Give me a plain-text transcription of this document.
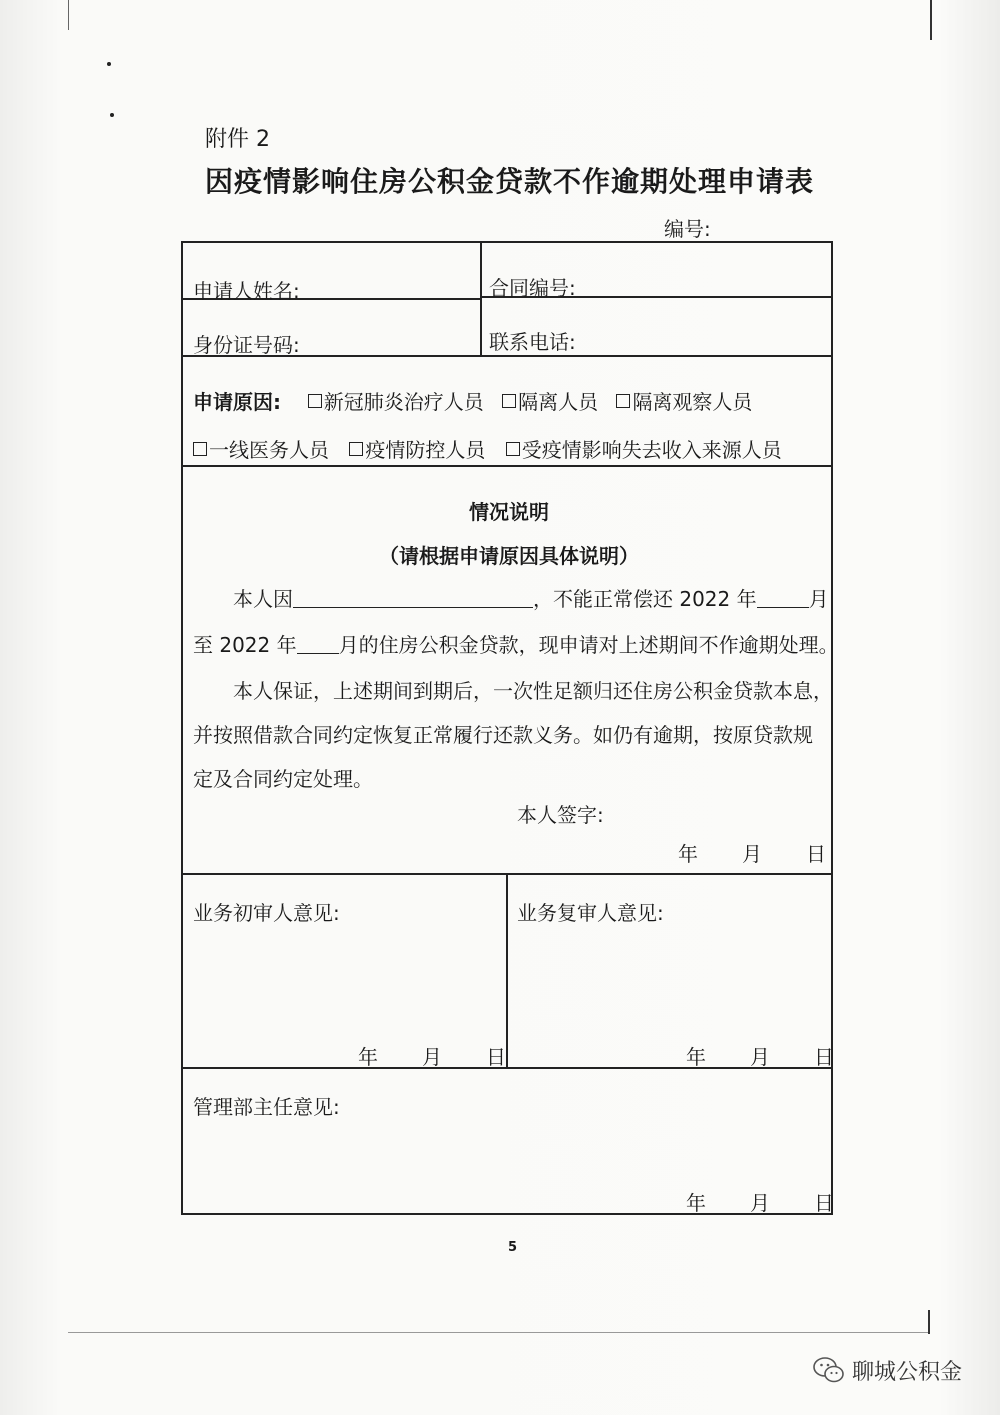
附件 2
因疫情影响住房公积金贷款不作逾期处理申请表
编号:
申请人姓名:	合同编号:
身份证号码:	联系电话:
申请原因: 新冠肺炎治疗人员 隔离人员 隔离观察人员
一线医务人员 疫情防控人员 受疫情影响失去收入来源人员
情况说明
（请根据申请原因具体说明）
本人因	，不能正常偿还 2022 年	月
至 2022 年 月的住房公积金贷款，现申请对上述期间不作逾期处理。
本人保证，上述期间到期后，一次性足额归还住房公积金贷款本息，
并按照借款合同约定恢复正常履行还款义务。如仍有逾期，按原贷款规
定及合同约定处理。
本人签字:
年 月 日
业务初审人意见:	业务复审人意见:
年 月 日	年 月 日
管理部主任意见:
年 月 日
5
聊城公积金
